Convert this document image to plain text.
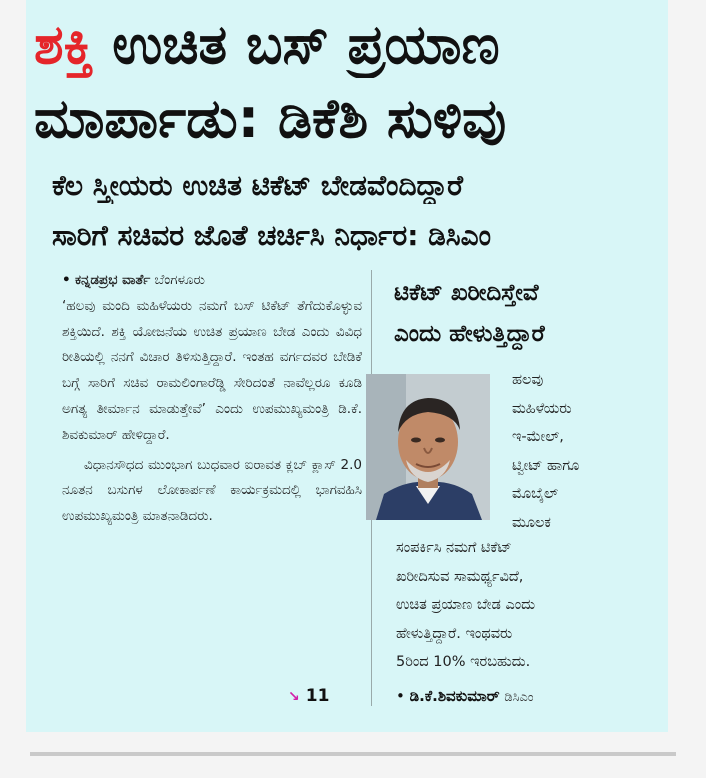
ಶಕ್ತಿ ಉಚಿತ ಬಸ್ ಪ್ರಯಾಣ
ಮಾರ್ಪಾಡು: ಡಿಕೆಶಿ ಸುಳಿವು
ಕೆಲ ಸ್ತ್ರೀಯರು ಉಚಿತ ಟಿಕೆಟ್ ಬೇಡವೆಂದಿದ್ದಾರೆ
ಸಾರಿಗೆ ಸಚಿವರ ಜೊತೆ ಚರ್ಚಿಸಿ ನಿರ್ಧಾರ: ಡಿಸಿಎಂ

• ಕನ್ನಡಪ್ರಭ ವಾರ್ತೆ ಬೆಂಗಳೂರು

‘ಹಲವು ಮಂದಿ ಮಹಿಳೆಯರು ನಮಗೆ ಬಸ್ ಟಿಕೆಟ್ ತೆಗೆದುಕೊಳ್ಳುವ ಶಕ್ತಿಯಿದೆ. ಶಕ್ತಿ ಯೋಜನೆಯ ಉಚಿತ ಪ್ರಯಾಣ ಬೇಡ ಎಂದು ವಿವಿಧ ರೀತಿಯಲ್ಲಿ ನನಗೆ ವಿಚಾರ ತಿಳಿಸುತ್ತಿದ್ದಾರೆ. ಇಂತಹ ವರ್ಗದವರ ಬೇಡಿಕೆ ಬಗ್ಗೆ ಸಾರಿಗೆ ಸಚಿವ ರಾಮಲಿಂಗಾರೆಡ್ಡಿ ಸೇರಿದಂತೆ ನಾವೆಲ್ಲರೂ ಕೂಡಿ ಅಗತ್ಯ ತೀರ್ಮಾನ ಮಾಡುತ್ತೇವೆ’ ಎಂದು ಉಪಮುಖ್ಯಮಂತ್ರಿ ಡಿ.ಕೆ. ಶಿವಕುಮಾರ್ ಹೇಳಿದ್ದಾರೆ.

ವಿಧಾನಸೌಧದ ಮುಂಭಾಗ ಬುಧವಾರ ಐರಾವತ ಕ್ಲಬ್ ಕ್ಲಾಸ್ 2.0 ನೂತನ ಬಸುಗಳ ಲೋಕಾರ್ಪಣೆ ಕಾರ್ಯಕ್ರಮದಲ್ಲಿ ಭಾಗವಹಿಸಿ ಉಪಮುಖ್ಯಮಂತ್ರಿ ಮಾತನಾಡಿದರು.

↘ 11
ಟಿಕೆಟ್ ಖರೀದಿಸ್ತೇವೆ
ಎಂದು ಹೇಳುತ್ತಿದ್ದಾರೆ
ಹಲವು
ಮಹಿಳೆಯರು
ಇ-ಮೇಲ್,
ಟ್ವೀಟ್ ಹಾಗೂ
ಮೊಬೈಲ್
ಮೂಲಕ
ಸಂಪರ್ಕಿಸಿ ನಮಗೆ ಟಿಕೆಟ್
ಖರೀದಿಸುವ ಸಾಮರ್ಥ್ಯವಿದೆ,
ಉಚಿತ ಪ್ರಯಾಣ ಬೇಡ ಎಂದು
ಹೇಳುತ್ತಿದ್ದಾರೆ. ಇಂಥವರು
5ರಿಂದ 10% ಇರಬಹುದು.
• ಡಿ.ಕೆ.ಶಿವಕುಮಾರ್ ಡಿಸಿಎಂ
